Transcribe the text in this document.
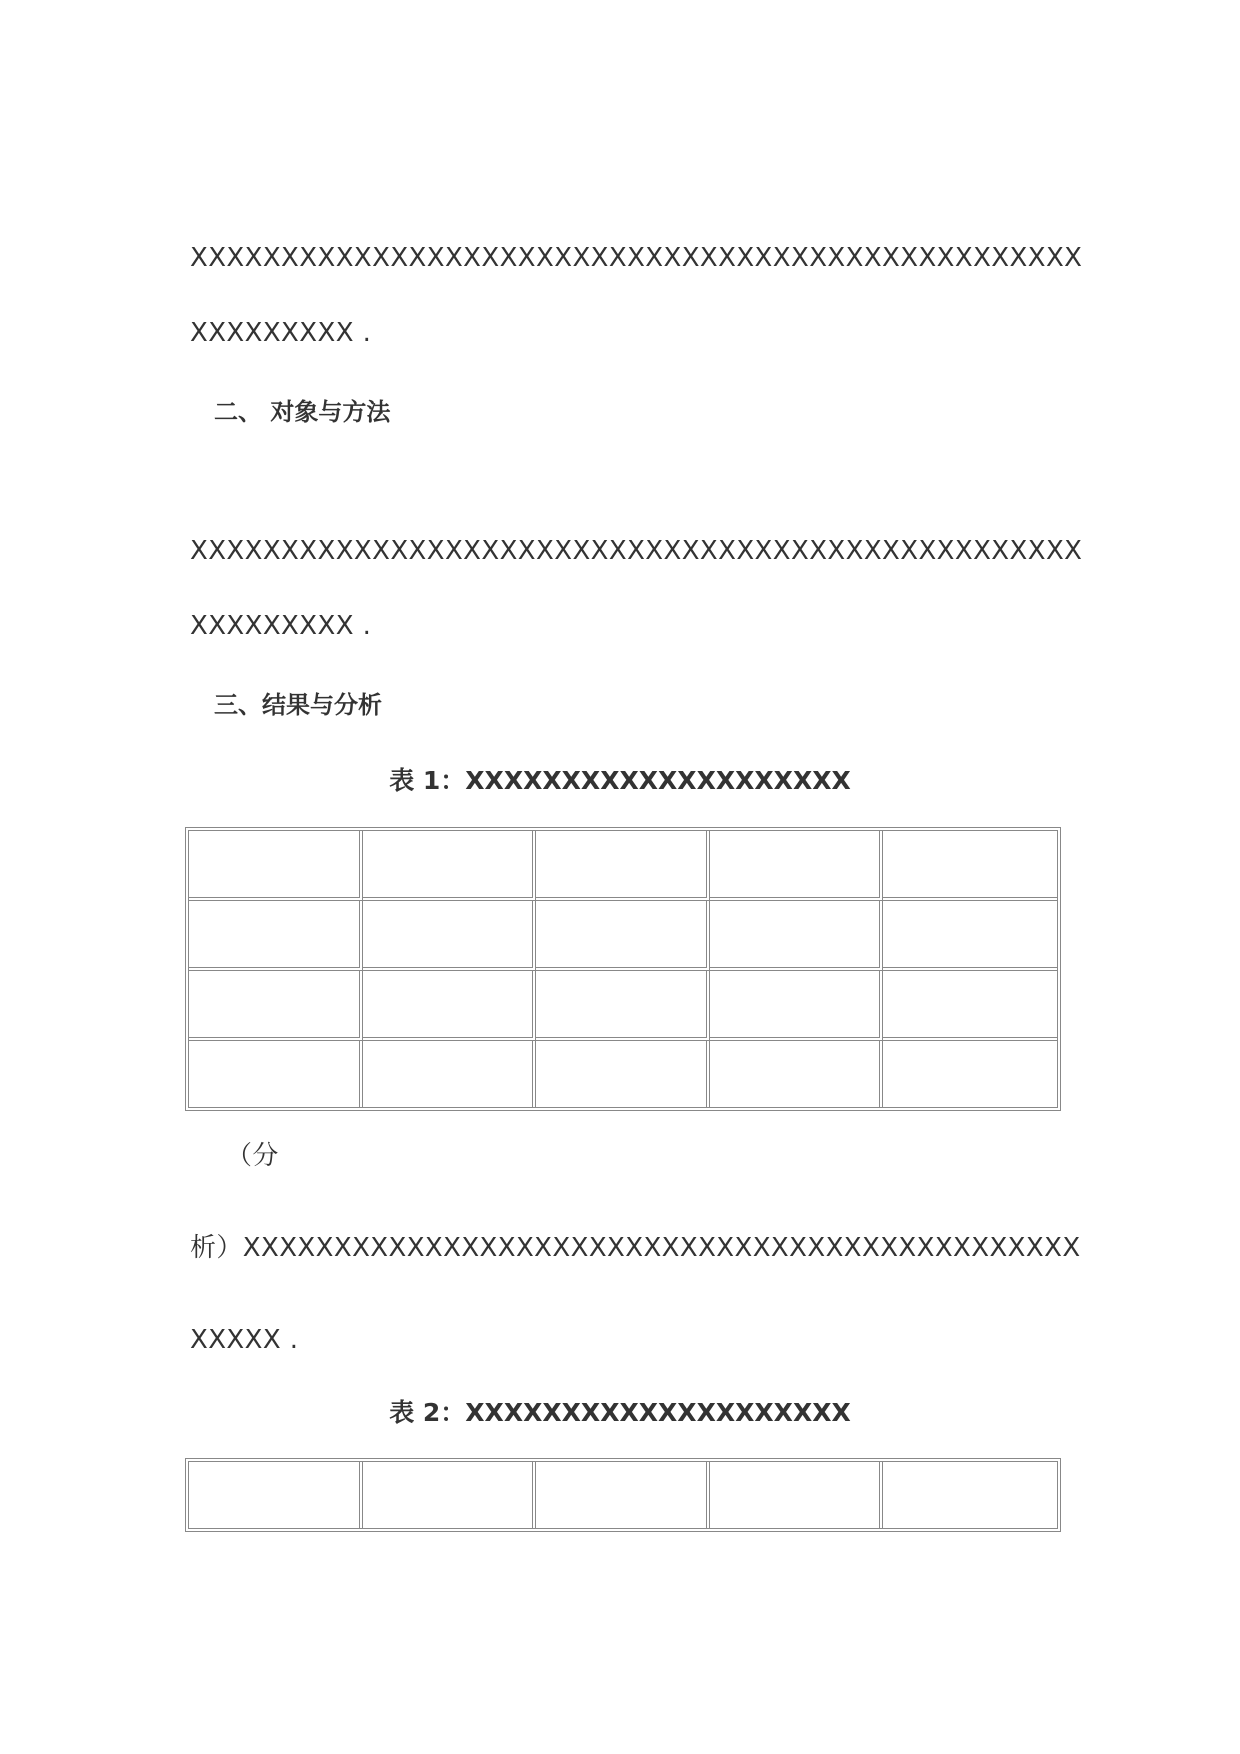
XXXXXXXXXXXXXXXXXXXXXXXXXXXXXXXXXXXXXXXXXXXXXXXXX
XXXXXXXXX .
二、 对象与方法
XXXXXXXXXXXXXXXXXXXXXXXXXXXXXXXXXXXXXXXXXXXXXXXXX
XXXXXXXXX .
三、结果与分析
表 1：XXXXXXXXXXXXXXXXXXXX

（分
析）XXXXXXXXXXXXXXXXXXXXXXXXXXXXXXXXXXXXXXXXXXXXXX
XXXXX .
表 2：XXXXXXXXXXXXXXXXXXXX
